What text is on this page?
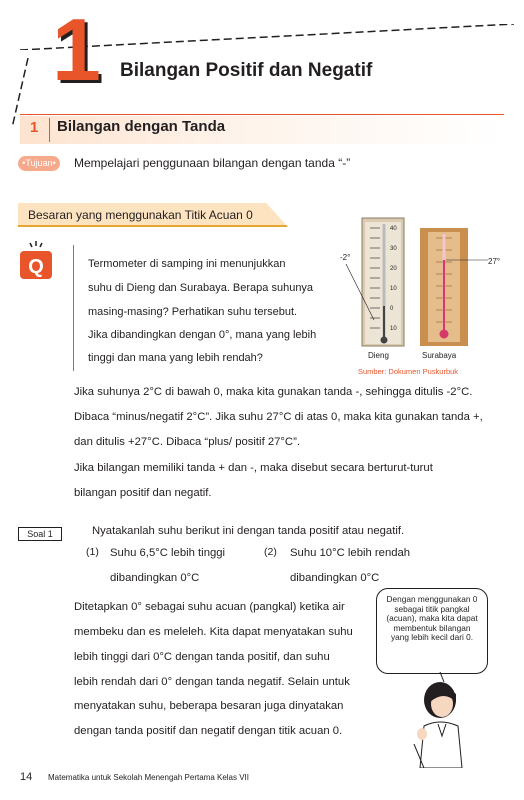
1 Bilangan Positif dan Negatif
1 Bilangan dengan Tanda
•Tujuan•	Mempelajari penggunaan bilangan dengan tanda “-”
Besaran yang menggunakan Titik Acuan 0
Q	Termometer di samping ini menunjukkan
suhu di Dieng dan Surabaya. Berapa suhunya
masing-masing? Perhatikan suhu tersebut.
Jika dibandingkan dengan 0°, mana yang lebih
tinggi dan mana yang lebih rendah?
40
30
20
10
0
10
-2°	27°
Dieng	Surabaya
Sumber: Dokumen Puskurbuk
Jika suhunya 2°C di bawah 0, maka kita gunakan tanda -, sehingga ditulis -2°C.
Dibaca “minus/negatif 2°C”. Jika suhu 27°C di atas 0, maka kita gunakan tanda +,
dan ditulis +27°C. Dibaca “plus/ positif 27°C”.
Jika bilangan memiliki tanda + dan -, maka disebut secara berturut-turut
bilangan positif dan negatif.
Soal 1	Nyatakanlah suhu berikut ini dengan tanda positif atau negatif.
(1) Suhu 6,5°C lebih tinggi
dibandingkan 0°C
(2) Suhu 10°C lebih rendah
dibandingkan 0°C
Ditetapkan 0° sebagai suhu acuan (pangkal) ketika air
membeku dan es meleleh. Kita dapat menyatakan suhu
lebih tinggi dari 0°C dengan tanda positif, dan suhu
lebih rendah dari 0° dengan tanda negatif. Selain untuk
menyatakan suhu, beberapa besaran juga dinyatakan
dengan tanda positif dan negatif dengan titik acuan 0.
Dengan menggunakan 0 sebagai titik pangkal (acuan), maka kita dapat membentuk bilangan yang lebih kecil dari 0.
14 Matematika untuk Sekolah Menengah Pertama Kelas VII
